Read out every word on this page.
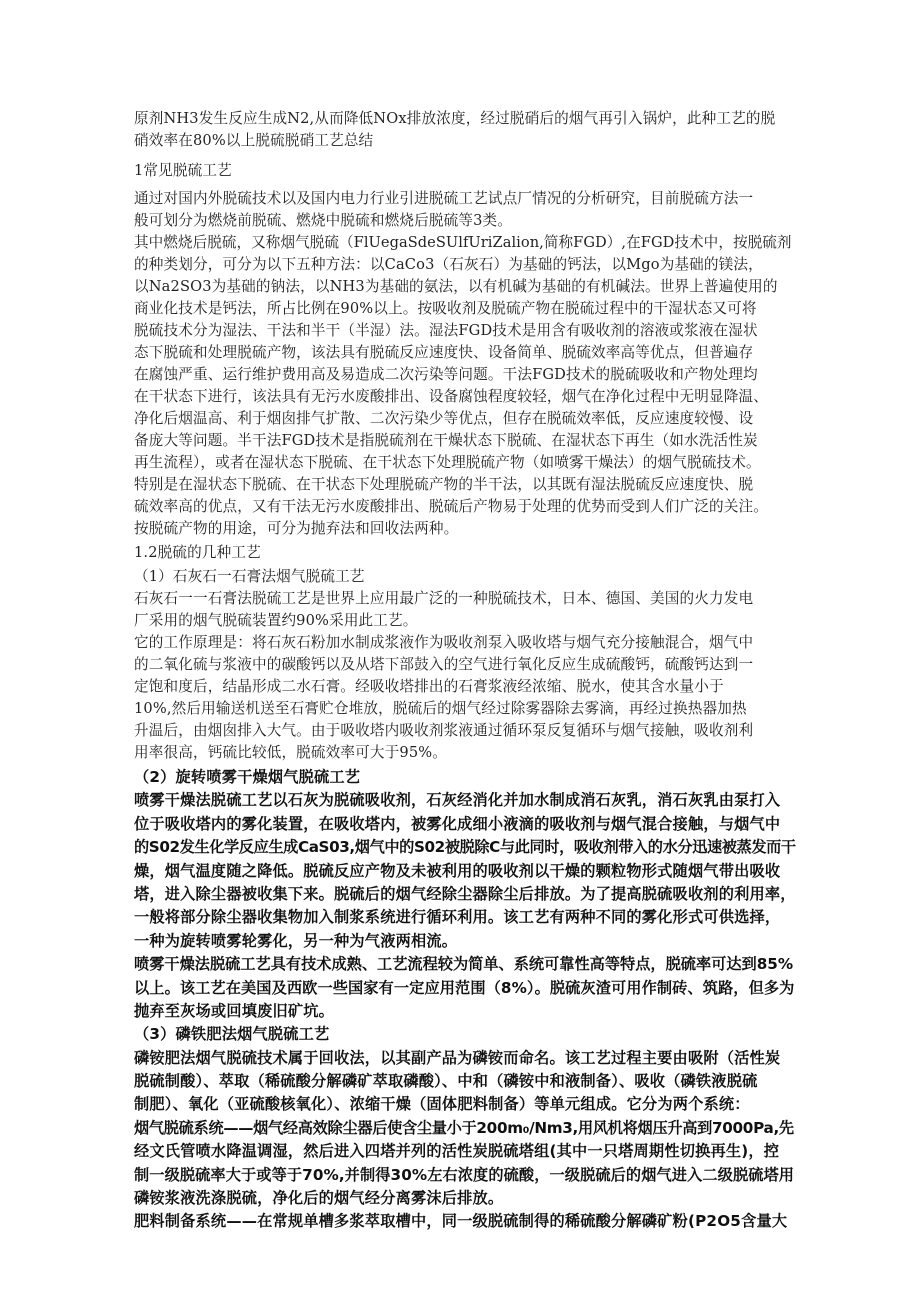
原剂NH3发生反应生成N2,从而降低NOx排放浓度，经过脱硝后的烟气再引入锅炉，此种工艺的脱
硝效率在80%以上脱硫脱硝工艺总结
1常见脱硫工艺
通过对国内外脱硫技术以及国内电力行业引进脱硫工艺试点厂情况的分析研究，目前脱硫方法一
般可划分为燃烧前脱硫、燃烧中脱硫和燃烧后脱硫等3类。
其中燃烧后脱硫，又称烟气脱硫（FlUegaSdeSUlfUriZalion,简称FGD）,在FGD技术中，按脱硫剂
的种类划分，可分为以下五种方法：以CaCo3（石灰石）为基础的钙法，以Mgo为基础的镁法，
以Na2SO3为基础的钠法，以NH3为基础的氨法，以有机碱为基础的有机碱法。世界上普遍使用的
商业化技术是钙法，所占比例在90%以上。按吸收剂及脱硫产物在脱硫过程中的干湿状态又可将
脱硫技术分为湿法、干法和半干（半湿）法。湿法FGD技术是用含有吸收剂的溶液或浆液在湿状
态下脱硫和处理脱硫产物，该法具有脱硫反应速度快、设备简单、脱硫效率高等优点，但普遍存
在腐蚀严重、运行维护费用高及易造成二次污染等问题。干法FGD技术的脱硫吸收和产物处理均
在干状态下进行，该法具有无污水废酸排出、设备腐蚀程度较轻，烟气在净化过程中无明显降温、
净化后烟温高、利于烟囱排气扩散、二次污染少等优点，但存在脱硫效率低，反应速度较慢、设
备庞大等问题。半干法FGD技术是指脱硫剂在干燥状态下脱硫、在湿状态下再生（如水洗活性炭
再生流程），或者在湿状态下脱硫、在干状态下处理脱硫产物（如喷雾干燥法）的烟气脱硫技术。
特别是在湿状态下脱硫、在干状态下处理脱硫产物的半干法，以其既有湿法脱硫反应速度快、脱
硫效率高的优点，又有干法无污水废酸排出、脱硫后产物易于处理的优势而受到人们广泛的关注。
按脱硫产物的用途，可分为抛弃法和回收法两种。
1.2脱硫的几种工艺
（1）石灰石一石膏法烟气脱硫工艺
石灰石一一石膏法脱硫工艺是世界上应用最广泛的一种脱硫技术，日本、德国、美国的火力发电
厂采用的烟气脱硫装置约90%采用此工艺。
它的工作原理是：将石灰石粉加水制成浆液作为吸收剂泵入吸收塔与烟气充分接触混合，烟气中
的二氧化硫与浆液中的碳酸钙以及从塔下部鼓入的空气进行氧化反应生成硫酸钙，硫酸钙达到一
定饱和度后，结晶形成二水石膏。经吸收塔排出的石膏浆液经浓缩、脱水，使其含水量小于
10%,然后用输送机送至石膏贮仓堆放，脱硫后的烟气经过除雾器除去雾滴，再经过换热器加热
升温后，由烟囱排入大气。由于吸收塔内吸收剂浆液通过循环泵反复循环与烟气接触，吸收剂利
用率很高，钙硫比较低，脱硫效率可大于95%。
（2）旋转喷雾干燥烟气脱硫工艺
喷雾干燥法脱硫工艺以石灰为脱硫吸收剂，石灰经消化并加水制成消石灰乳，消石灰乳由泵打入
位于吸收塔内的雾化装置，在吸收塔内，被雾化成细小液滴的吸收剂与烟气混合接触，与烟气中
的S02发生化学反应生成CaS03,烟气中的S02被脱除C与此同时，吸收剂带入的水分迅速被蒸发而干
燥，烟气温度随之降低。脱硫反应产物及未被利用的吸收剂以干燥的颗粒物形式随烟气带出吸收
塔，进入除尘器被收集下来。脱硫后的烟气经除尘器除尘后排放。为了提高脱硫吸收剂的利用率，
一般将部分除尘器收集物加入制浆系统进行循环利用。该工艺有两种不同的雾化形式可供选择，
一种为旋转喷雾轮雾化，另一种为气液两相流。
喷雾干燥法脱硫工艺具有技术成熟、工艺流程较为简单、系统可靠性高等特点，脱硫率可达到85%
以上。该工艺在美国及西欧一些国家有一定应用范围（8%）。脱硫灰渣可用作制砖、筑路，但多为
抛弃至灰场或回填废旧矿坑。
（3）磷铁肥法烟气脱硫工艺
磷铵肥法烟气脱硫技术属于回收法，以其副产品为磷铵而命名。该工艺过程主要由吸附（活性炭
脱硫制酸）、萃取（稀硫酸分解磷矿萃取磷酸）、中和（磷铵中和液制备）、吸收（磷铁液脱硫
制肥）、氧化（亚硫酸核氧化）、浓缩干燥（固体肥料制备）等单元组成。它分为两个系统：
烟气脱硫系统——烟气经高效除尘器后使含尘量小于200m₀/Nm3,用风机将烟压升高到7000Pa,先
经文氏管喷水降温调湿，然后进入四塔并列的活性炭脱硫塔组(其中一只塔周期性切换再生)，控
制一级脱硫率大于或等于70%,并制得30%左右浓度的硫酸，一级脱硫后的烟气进入二级脱硫塔用
磷铵浆液洗涤脱硫，净化后的烟气经分离雾沫后排放。
肥料制备系统——在常规单槽多浆萃取槽中，同一级脱硫制得的稀硫酸分解磷矿粉(P2O5含量大
